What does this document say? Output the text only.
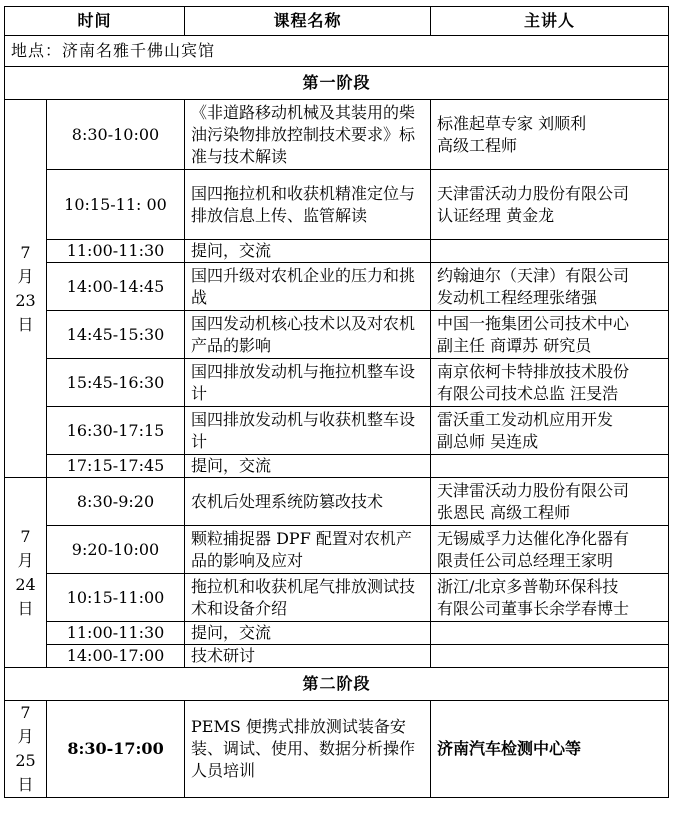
时间		课程名称	主讲人
地点：济南名雅千佛山宾馆			
第一阶段			

7
月
23
日	8:30-10:00	《非道路移动机械及其装用的柴油污染物排放控制技术要求》标准与技术解读	标准起草专家 刘顺利
高级工程师

	10:15-11: 00	国四拖拉机和收获机精准定位与排放信息上传、监管解读	天津雷沃动力股份有限公司
认证经理 黄金龙

	11:00-11:30	提问，交流	
	14:00-14:45	国四升级对农机企业的压力和挑战	约翰迪尔（天津）有限公司
发动机工程经理张绪强

	14:45-15:30	国四发动机核心技术以及对农机产品的影响	中国一拖集团公司技术中心
副主任 商谭苏 研究员

	15:45-16:30	国四排放发动机与拖拉机整车设计	南京依柯卡特排放技术股份
有限公司技术总监 汪旻浩

	16:30-17:15	国四排放发动机与收获机整车设计	雷沃重工发动机应用开发
副总师 吴连成

	17:15-17:45	提问，交流	

7
月
24
日	8:30-9:20	农机后处理系统防篡改技术	天津雷沃动力股份有限公司
张恩民 高级工程师

	9:20-10:00	颗粒捕捉器 DPF 配置对农机产品的影响及应对	无锡威孚力达催化净化器有
限责任公司总经理王家明

	10:15-11:00	拖拉机和收获机尾气排放测试技术和设备介绍	浙江/北京多普勒环保科技
有限公司董事长余学春博士

	11:00-11:30	提问，交流	
	14:00-17:00	技术研讨	
第二阶段			

7
月
25
日	8:30-17:00	PEMS 便携式排放测试装备安装、调试、使用、数据分析操作人员培训	济南汽车检测中心等
